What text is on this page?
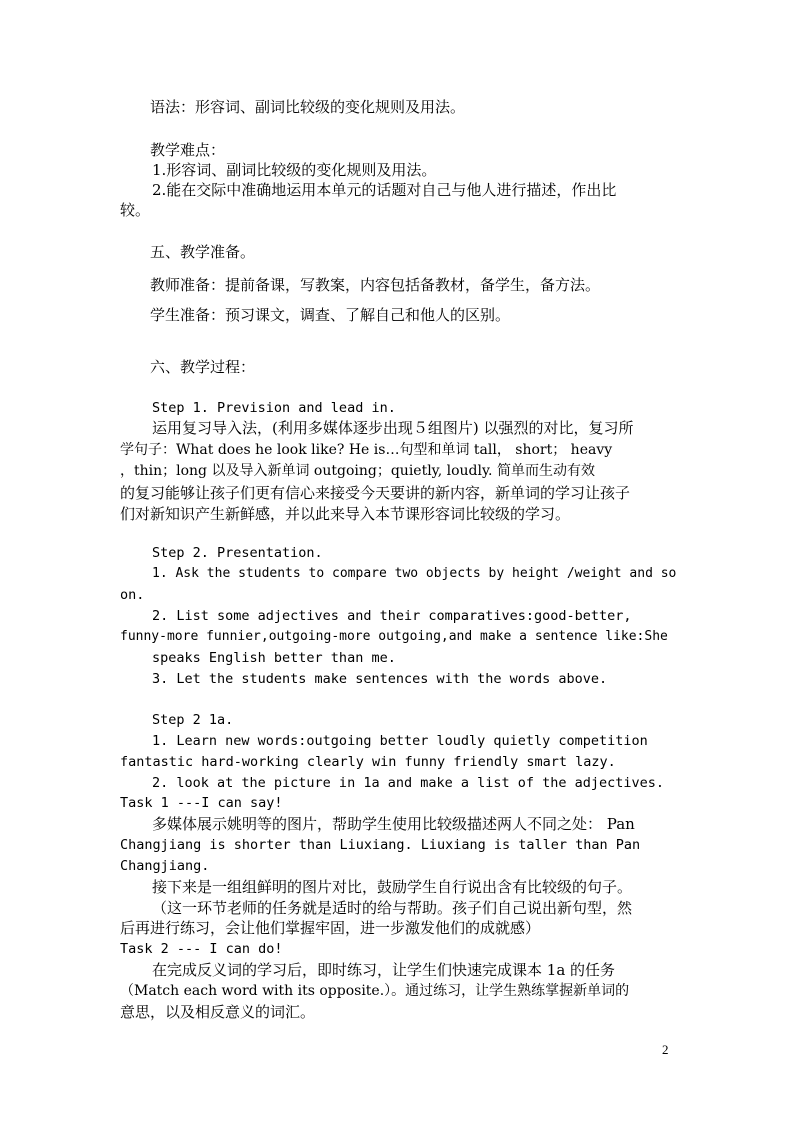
语法：形容词、副词比较级的变化规则及用法。
教学难点：
1.形容词、副词比较级的变化规则及用法。
2.能在交际中准确地运用本单元的话题对自己与他人进行描述，作出比
较。
五、教学准备。
教师准备：提前备课，写教案，内容包括备教材，备学生，备方法。
学生准备：预习课文，调查、了解自己和他人的区别。
六、教学过程：
Step 1. Prevision and lead in.
运用复习导入法，(利用多媒体逐步出现５组图片) 以强烈的对比，复习所
学句子：What does he look like? He is…句型和单词 tall， short； heavy
，thin；long 以及导入新单词 outgoing；quietly, loudly. 简单而生动有效
的复习能够让孩子们更有信心来接受今天要讲的新内容，新单词的学习让孩子
们对新知识产生新鲜感，并以此来导入本节课形容词比较级的学习。
Step 2. Presentation.
1. Ask the students to compare two objects by height /weight and so
on.
2. List some adjectives and their comparatives:good-better,
funny-more funnier,outgoing-more outgoing,and make a sentence like:She
speaks English better than me.
3. Let the students make sentences with the words above.
Step 2 1a.
1. Learn new words:outgoing better loudly quietly competition
fantastic hard-working clearly win funny friendly smart lazy.
2. look at the picture in 1a and make a list of the adjectives.
Task 1 ---I can say!
多媒体展示姚明等的图片，帮助学生使用比较级描述两人不同之处： Pan
Changjiang is shorter than Liuxiang. Liuxiang is taller than Pan
Changjiang.
接下来是一组组鲜明的图片对比，鼓励学生自行说出含有比较级的句子。
（这一环节老师的任务就是适时的给与帮助。孩子们自己说出新句型，然
后再进行练习，会让他们掌握牢固，进一步激发他们的成就感）
Task 2 --- I can do!
在完成反义词的学习后，即时练习，让学生们快速完成课本 1a 的任务
（Match each word with its opposite.）。通过练习，让学生熟练掌握新单词的
意思，以及相反意义的词汇。
2
